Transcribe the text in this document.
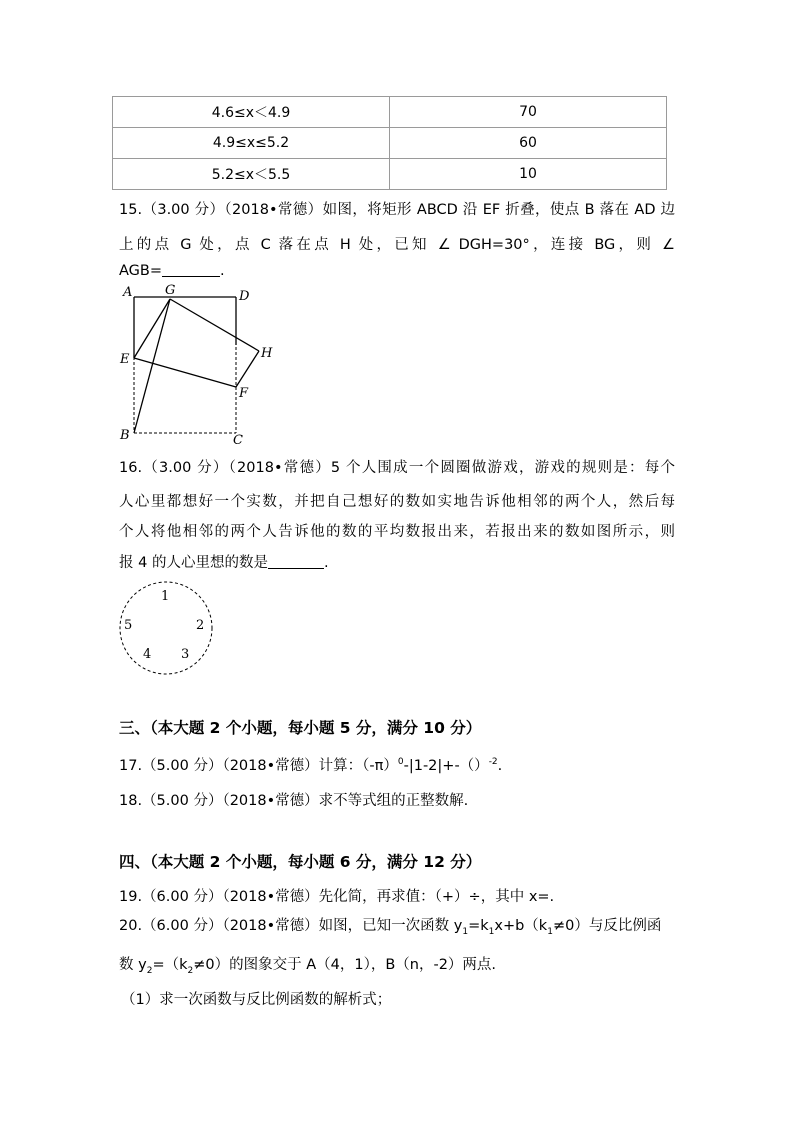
4.6≤x＜4.9	70
4.9≤x≤5.2	60
5.2≤x＜5.5	10
15.（3.00 分）（2018•常德）如图，将矩形 ABCD 沿 EF 折叠，使点 B 落在 AD 边
上的点 G 处，点 C 落在点 H 处，已知 ∠ DGH=30°，连接 BG，则 ∠
AGB=	.
A	G	D
E	H
F
B	C
16.（3.00 分）（2018•常德）5 个人围成一个圆圈做游戏，游戏的规则是：每个
人心里都想好一个实数，并把自己想好的数如实地告诉他相邻的两个人，然后每
个人将他相邻的两个人告诉他的数的平均数报出来，若报出来的数如图所示，则
报 4 的人心里想的数是	.
1
2
3
4
5
三、（本大题 2 个小题，每小题 5 分，满分 10 分）
17.（5.00 分）（2018•常德）计算：$(-\pi)^0-|1-2|+-()^{-2}$.
18.（5.00 分）（2018•常德）求不等式组的正整数解.
四、（本大题 2 个小题，每小题 6 分，满分 12 分）
19.（6.00 分）（2018•常德）先化简，再求值：（+）÷，其中 x=.
20.（6.00 分）（2018•常德）如图，已知一次函数 $y_1=k_1x+b(k_1\ne 0)$与反比例函
数 $y_2=(k_2\ne 0)$的图象交于 A（4，1），B（n，-2）两点.
（1）求一次函数与反比例函数的解析式；
